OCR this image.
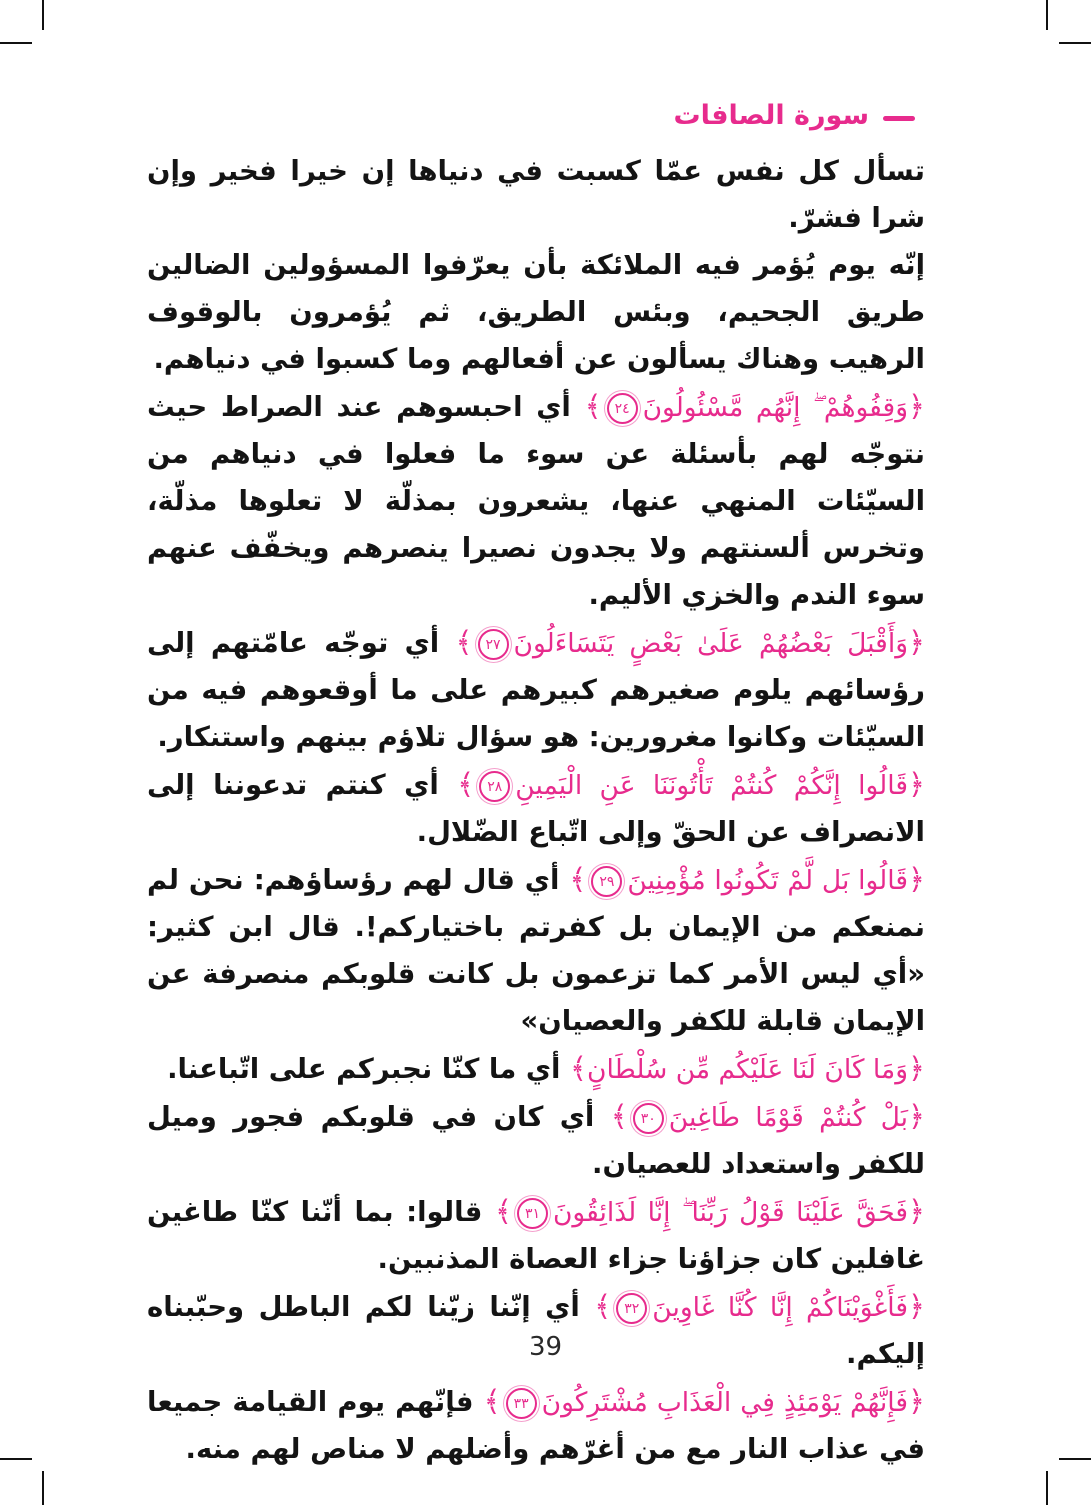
سورة الصافات

تسأل كل نفس عمّا كسبت في دنياها إن خيرا فخير وإن شرا فشرّ.

إنّه يوم يُؤمر فيه الملائكة بأن يعرّفوا المسؤولين الضالين طريق الجحيم، وبئس الطريق، ثم يُؤمرون بالوقوف الرهيب وهناك يسألون عن أفعالهم وما كسبوا في دنياهم.

﴿وَقِفُوهُمْ ۖ إِنَّهُم مَّسْئُولُونَ٢٤﴾ أي احبسوهم عند الصراط حيث نتوجّه لهم بأسئلة عن سوء ما فعلوا في دنياهم من السيّئات المنهي عنها، يشعرون بمذلّة لا تعلوها مذلّة، وتخرس ألسنتهم ولا يجدون نصيرا ينصرهم ويخفّف عنهم سوء الندم والخزي الأليم.

﴿وَأَقْبَلَ بَعْضُهُمْ عَلَىٰ بَعْضٍ يَتَسَاءَلُونَ٢٧﴾ أي توجّه عامّتهم إلى رؤسائهم يلوم صغيرهم كبيرهم على ما أوقعوهم فيه من السيّئات وكانوا مغرورين: هو سؤال تلاؤم بينهم واستنكار.

﴿قَالُوا إِنَّكُمْ كُنتُمْ تَأْتُونَنَا عَنِ الْيَمِينِ٢٨﴾ أي كنتم تدعوننا إلى الانصراف عن الحقّ وإلى اتّباع الضّلال.

﴿قَالُوا بَل لَّمْ تَكُونُوا مُؤْمِنِينَ٢٩﴾ أي قال لهم رؤساؤهم: نحن لم نمنعكم من الإيمان بل كفرتم باختياركم!. قال ابن كثير: «أي ليس الأمر كما تزعمون بل كانت قلوبكم منصرفة عن الإيمان قابلة للكفر والعصيان»

﴿وَمَا كَانَ لَنَا عَلَيْكُم مِّن سُلْطَانٍ﴾ أي ما كنّا نجبركم على اتّباعنا.

﴿بَلْ كُنتُمْ قَوْمًا طَاغِينَ٣٠﴾ أي كان في قلوبكم فجور وميل للكفر واستعداد للعصيان.

﴿فَحَقَّ عَلَيْنَا قَوْلُ رَبِّنَا ۖ إِنَّا لَذَائِقُونَ٣١﴾ قالوا: بما أنّنا كنّا طاغين غافلين كان جزاؤنا جزاء العصاة المذنبين.

﴿فَأَغْوَيْنَاكُمْ إِنَّا كُنَّا غَاوِينَ٣٢﴾ أي إنّنا زيّنا لكم الباطل وحبّبناه إليكم.

﴿فَإِنَّهُمْ يَوْمَئِذٍ فِي الْعَذَابِ مُشْتَرِكُونَ٣٣﴾ فإنّهم يوم القيامة جميعا في عذاب النار مع من أغرّهم وأضلهم لا مناص لهم منه.

39
